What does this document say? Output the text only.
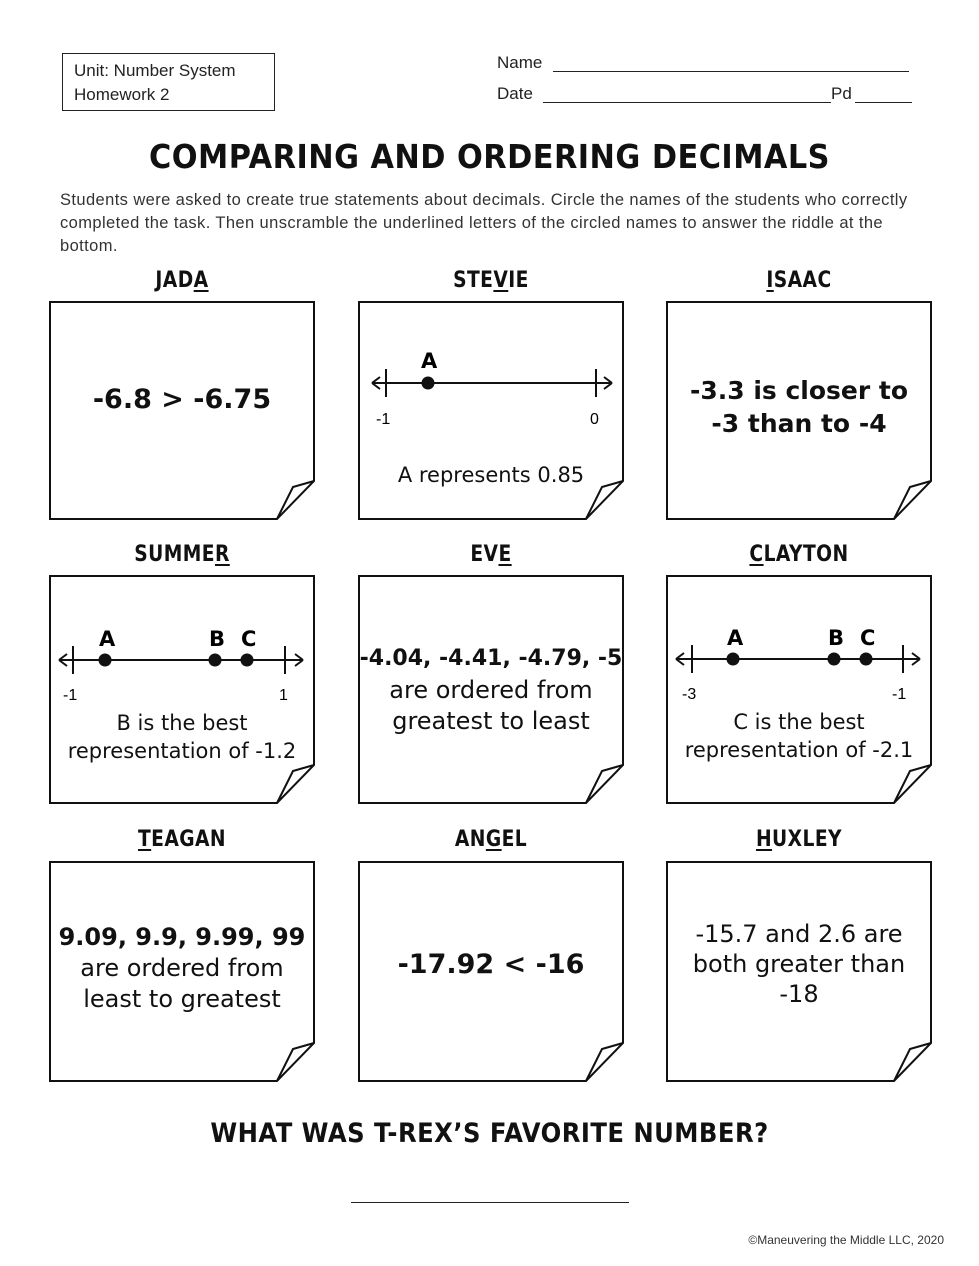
Unit: Number System
Homework 2
Name
Date	Pd
COMPARING AND ORDERING DECIMALS
Students were asked to create true statements about decimals. Circle the names of the students who correctly completed the task. Then unscramble the underlined letters of the circled names to answer the riddle at the bottom.
JADA
-6.8 > -6.75
STEVIE
A
-1	0
A represents 0.85
ISAAC
-3.3 is closer to
-3 than to -4
SUMMER
A	B C
-1	1
B is the best
representation of -1.2
EVE
-4.04, -4.41, -4.79, -5
are ordered from
greatest to least
CLAYTON
A	B C
-3	-1
C is the best
representation of -2.1
TEAGAN
9.09, 9.9, 9.99, 99
are ordered from
least to greatest
ANGEL
-17.92 < -16
HUXLEY
-15.7 and 2.6 are
both greater than
-18
WHAT WAS T-REX’S FAVORITE NUMBER?
©Maneuvering the Middle LLC, 2020
